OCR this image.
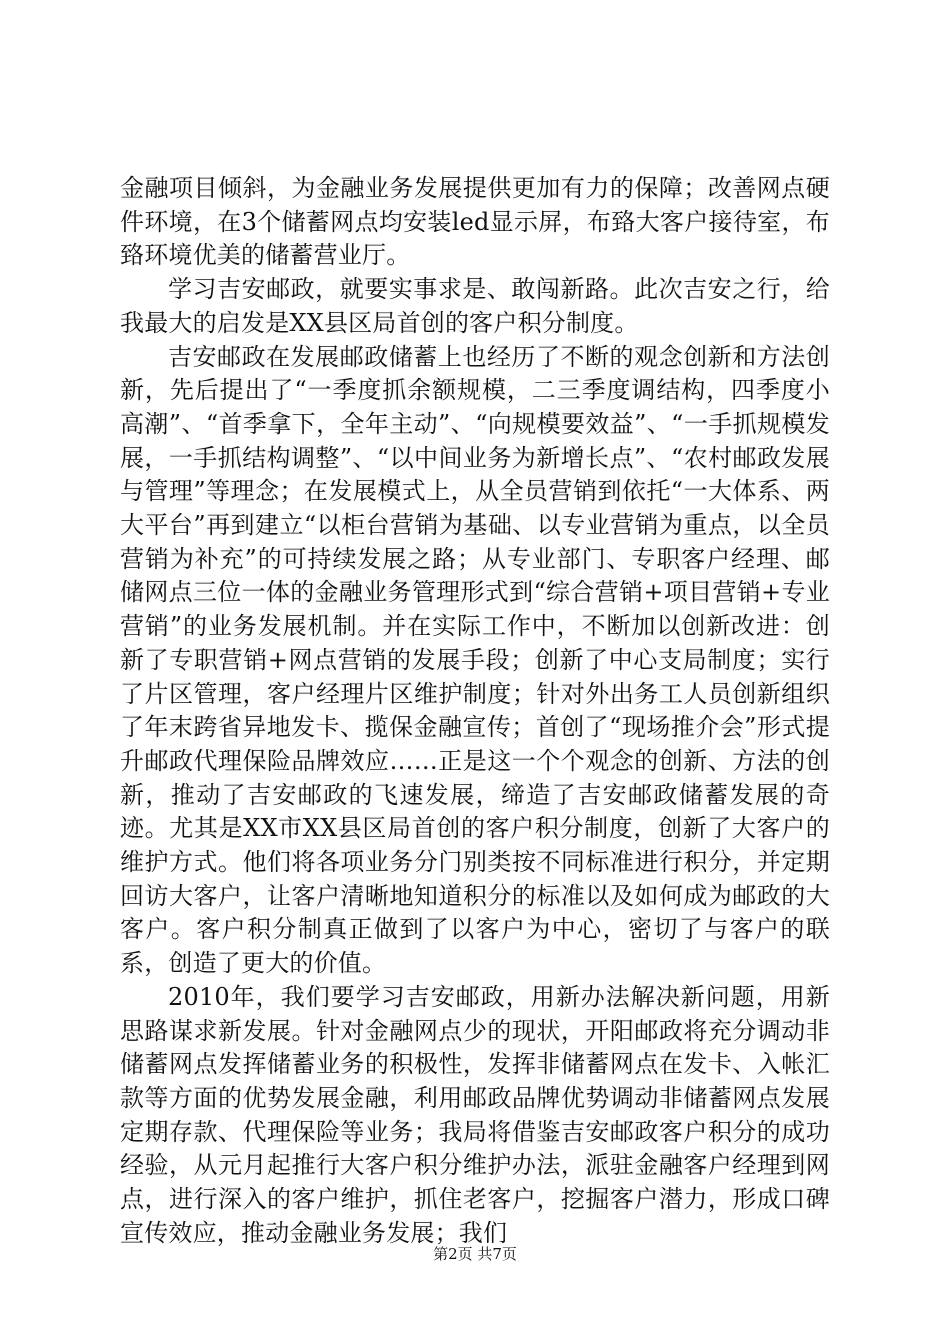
金融项目倾斜，为金融业务发展提供更加有力的保障；改善网点硬件环境，在3个储蓄网点均安装led显示屏，布臵大客户接待室，布臵环境优美的储蓄营业厅。

学习吉安邮政，就要实事求是、敢闯新路。此次吉安之行，给我最大的启发是XX县区局首创的客户积分制度。

吉安邮政在发展邮政储蓄上也经历了不断的观念创新和方法创新，先后提出了“一季度抓余额规模，二三季度调结构，四季度小高潮”、“首季拿下，全年主动”、“向规模要效益”、“一手抓规模发展，一手抓结构调整”、“以中间业务为新增长点”、“农村邮政发展与管理”等理念；在发展模式上，从全员营销到依托“一大体系、两大平台”再到建立“以柜台营销为基础、以专业营销为重点，以全员营销为补充”的可持续发展之路；从专业部门、专职客户经理、邮储网点三位一体的金融业务管理形式到“综合营销+项目营销+专业营销”的业务发展机制。并在实际工作中，不断加以创新改进：创新了专职营销+网点营销的发展手段；创新了中心支局制度；实行了片区管理，客户经理片区维护制度；针对外出务工人员创新组织了年末跨省异地发卡、揽保金融宣传；首创了“现场推介会”形式提升邮政代理保险品牌效应……正是这一个个观念的创新、方法的创新，推动了吉安邮政的飞速发展，缔造了吉安邮政储蓄发展的奇迹。尤其是XX市XX县区局首创的客户积分制度，创新了大客户的维护方式。他们将各项业务分门别类按不同标准进行积分，并定期回访大客户，让客户清晰地知道积分的标准以及如何成为邮政的大客户。客户积分制真正做到了以客户为中心，密切了与客户的联系，创造了更大的价值。

2010年，我们要学习吉安邮政，用新办法解决新问题，用新思路谋求新发展。针对金融网点少的现状，开阳邮政将充分调动非储蓄网点发挥储蓄业务的积极性，发挥非储蓄网点在发卡、入帐汇款等方面的优势发展金融，利用邮政品牌优势调动非储蓄网点发展定期存款、代理保险等业务；我局将借鉴吉安邮政客户积分的成功经验，从元月起推行大客户积分维护办法，派驻金融客户经理到网点，进行深入的客户维护，抓住老客户，挖掘客户潜力，形成口碑宣传效应，推动金融业务发展；我们

第2页 共7页
